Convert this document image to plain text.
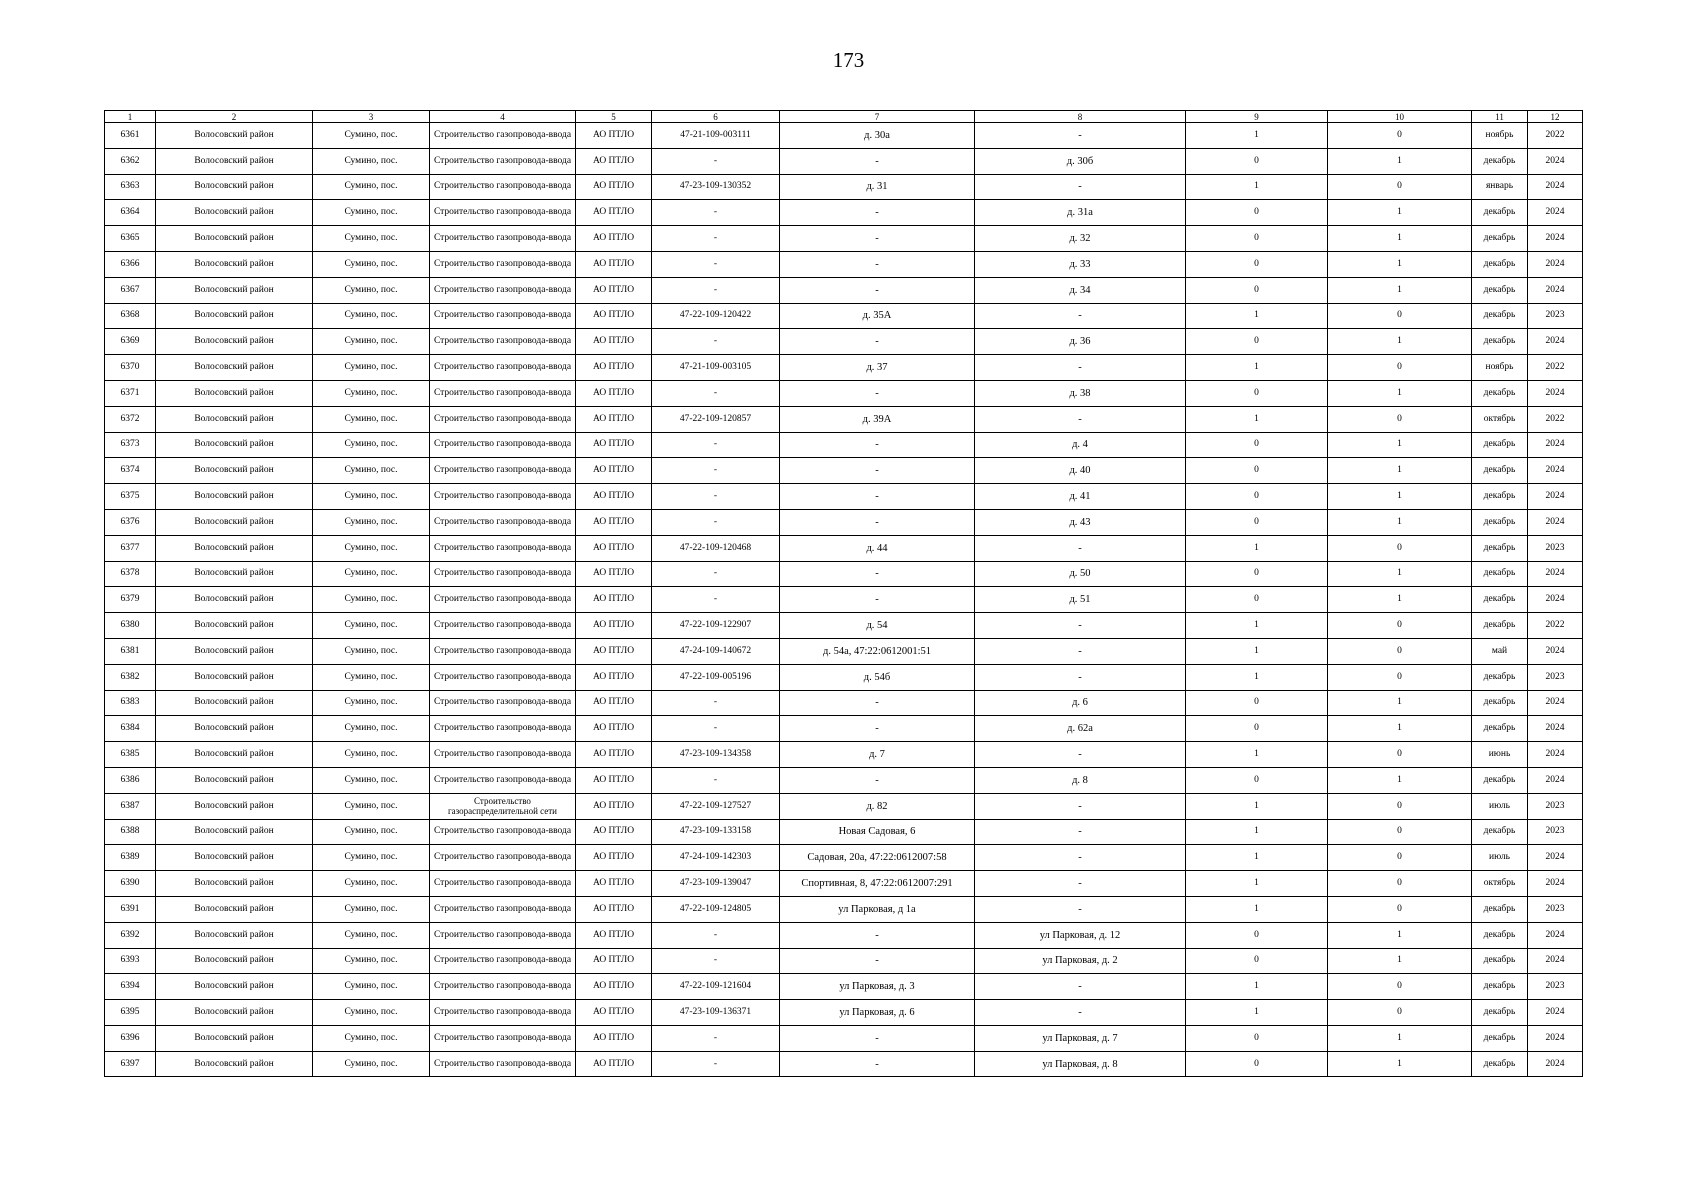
173
1	2	3	4	5	6	7	8	9	10	11	12
6361	Волосовский район	Сумино, пос.	Строительство газопровода-ввода	АО ПТЛО	47-21-109-003111	д. 30а	-	1	0	ноябрь	2022
6362	Волосовский район	Сумино, пос.	Строительство газопровода-ввода	АО ПТЛО	-	-	д. 30б	0	1	декабрь	2024
6363	Волосовский район	Сумино, пос.	Строительство газопровода-ввода	АО ПТЛО	47-23-109-130352	д. 31	-	1	0	январь	2024
6364	Волосовский район	Сумино, пос.	Строительство газопровода-ввода	АО ПТЛО	-	-	д. 31а	0	1	декабрь	2024
6365	Волосовский район	Сумино, пос.	Строительство газопровода-ввода	АО ПТЛО	-	-	д. 32	0	1	декабрь	2024
6366	Волосовский район	Сумино, пос.	Строительство газопровода-ввода	АО ПТЛО	-	-	д. 33	0	1	декабрь	2024
6367	Волосовский район	Сумино, пос.	Строительство газопровода-ввода	АО ПТЛО	-	-	д. 34	0	1	декабрь	2024
6368	Волосовский район	Сумино, пос.	Строительство газопровода-ввода	АО ПТЛО	47-22-109-120422	д. 35А	-	1	0	декабрь	2023
6369	Волосовский район	Сумино, пос.	Строительство газопровода-ввода	АО ПТЛО	-	-	д. 36	0	1	декабрь	2024
6370	Волосовский район	Сумино, пос.	Строительство газопровода-ввода	АО ПТЛО	47-21-109-003105	д. 37	-	1	0	ноябрь	2022
6371	Волосовский район	Сумино, пос.	Строительство газопровода-ввода	АО ПТЛО	-	-	д. 38	0	1	декабрь	2024
6372	Волосовский район	Сумино, пос.	Строительство газопровода-ввода	АО ПТЛО	47-22-109-120857	д. 39А	-	1	0	октябрь	2022
6373	Волосовский район	Сумино, пос.	Строительство газопровода-ввода	АО ПТЛО	-	-	д. 4	0	1	декабрь	2024
6374	Волосовский район	Сумино, пос.	Строительство газопровода-ввода	АО ПТЛО	-	-	д. 40	0	1	декабрь	2024
6375	Волосовский район	Сумино, пос.	Строительство газопровода-ввода	АО ПТЛО	-	-	д. 41	0	1	декабрь	2024
6376	Волосовский район	Сумино, пос.	Строительство газопровода-ввода	АО ПТЛО	-	-	д. 43	0	1	декабрь	2024
6377	Волосовский район	Сумино, пос.	Строительство газопровода-ввода	АО ПТЛО	47-22-109-120468	д. 44	-	1	0	декабрь	2023
6378	Волосовский район	Сумино, пос.	Строительство газопровода-ввода	АО ПТЛО	-	-	д. 50	0	1	декабрь	2024
6379	Волосовский район	Сумино, пос.	Строительство газопровода-ввода	АО ПТЛО	-	-	д. 51	0	1	декабрь	2024
6380	Волосовский район	Сумино, пос.	Строительство газопровода-ввода	АО ПТЛО	47-22-109-122907	д. 54	-	1	0	декабрь	2022
6381	Волосовский район	Сумино, пос.	Строительство газопровода-ввода	АО ПТЛО	47-24-109-140672	д. 54а, 47:22:0612001:51	-	1	0	май	2024
6382	Волосовский район	Сумино, пос.	Строительство газопровода-ввода	АО ПТЛО	47-22-109-005196	д. 54б	-	1	0	декабрь	2023
6383	Волосовский район	Сумино, пос.	Строительство газопровода-ввода	АО ПТЛО	-	-	д. 6	0	1	декабрь	2024
6384	Волосовский район	Сумино, пос.	Строительство газопровода-ввода	АО ПТЛО	-	-	д. 62а	0	1	декабрь	2024
6385	Волосовский район	Сумино, пос.	Строительство газопровода-ввода	АО ПТЛО	47-23-109-134358	д. 7	-	1	0	июнь	2024
6386	Волосовский район	Сумино, пос.	Строительство газопровода-ввода	АО ПТЛО	-	-	д. 8	0	1	декабрь	2024
6387	Волосовский район	Сумино, пос.	Строительство газораспределительной сети	АО ПТЛО	47-22-109-127527	д. 82	-	1	0	июль	2023
6388	Волосовский район	Сумино, пос.	Строительство газопровода-ввода	АО ПТЛО	47-23-109-133158	Новая Садовая, 6	-	1	0	декабрь	2023
6389	Волосовский район	Сумино, пос.	Строительство газопровода-ввода	АО ПТЛО	47-24-109-142303	Садовая, 20а, 47:22:0612007:58	-	1	0	июль	2024
6390	Волосовский район	Сумино, пос.	Строительство газопровода-ввода	АО ПТЛО	47-23-109-139047	Спортивная, 8, 47:22:0612007:291	-	1	0	октябрь	2024
6391	Волосовский район	Сумино, пос.	Строительство газопровода-ввода	АО ПТЛО	47-22-109-124805	ул Парковая, д 1а	-	1	0	декабрь	2023
6392	Волосовский район	Сумино, пос.	Строительство газопровода-ввода	АО ПТЛО	-	-	ул Парковая, д. 12	0	1	декабрь	2024
6393	Волосовский район	Сумино, пос.	Строительство газопровода-ввода	АО ПТЛО	-	-	ул Парковая, д. 2	0	1	декабрь	2024
6394	Волосовский район	Сумино, пос.	Строительство газопровода-ввода	АО ПТЛО	47-22-109-121604	ул Парковая, д. 3	-	1	0	декабрь	2023
6395	Волосовский район	Сумино, пос.	Строительство газопровода-ввода	АО ПТЛО	47-23-109-136371	ул Парковая, д. 6	-	1	0	декабрь	2024
6396	Волосовский район	Сумино, пос.	Строительство газопровода-ввода	АО ПТЛО	-	-	ул Парковая, д. 7	0	1	декабрь	2024
6397	Волосовский район	Сумино, пос.	Строительство газопровода-ввода	АО ПТЛО	-	-	ул Парковая, д. 8	0	1	декабрь	2024
